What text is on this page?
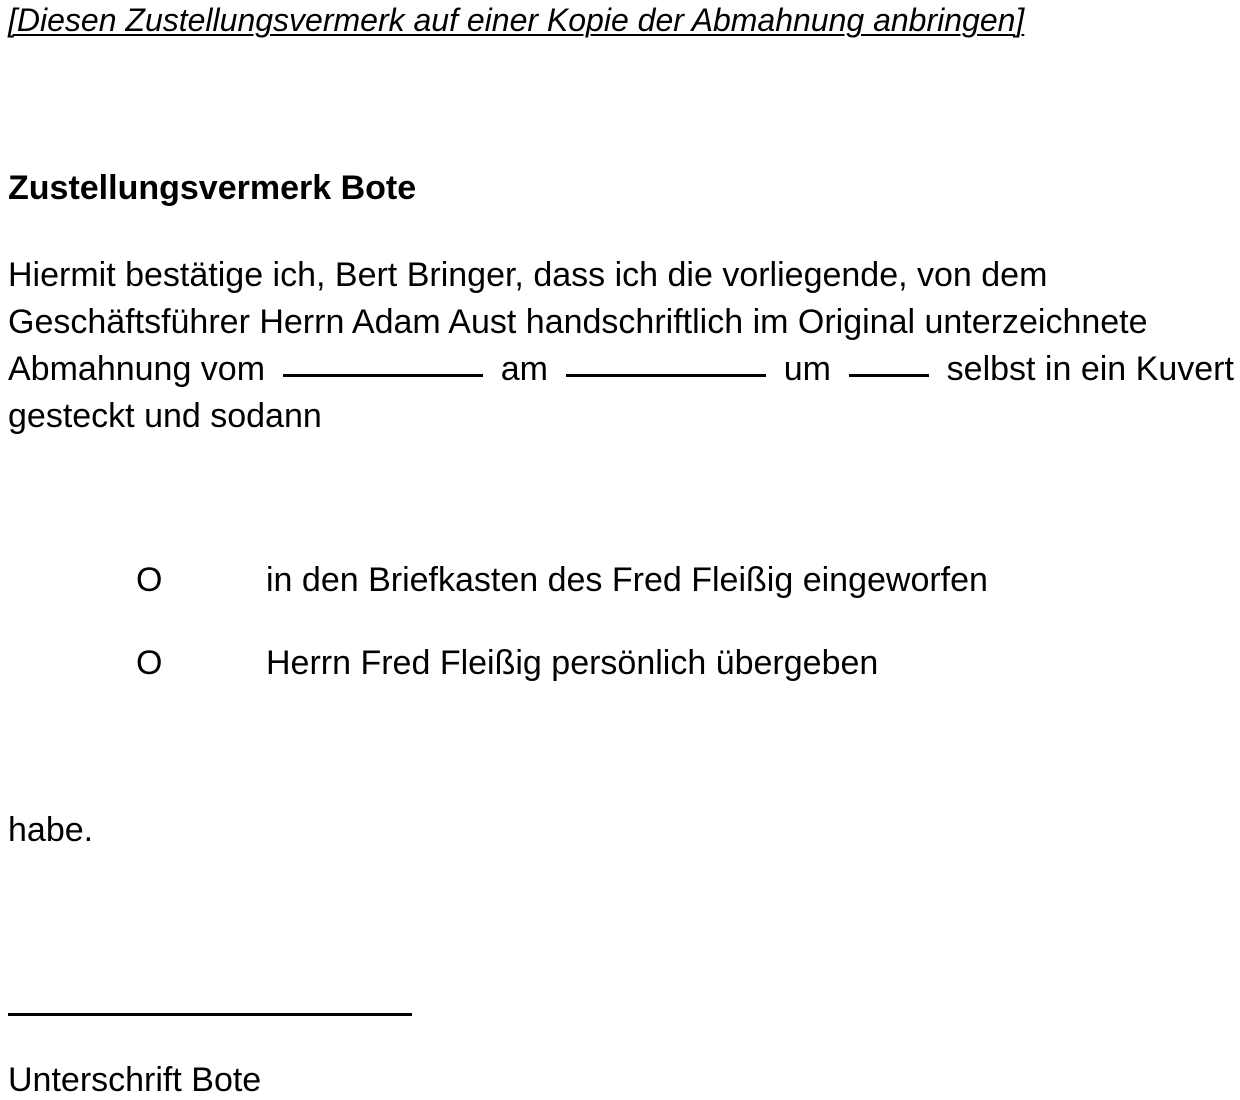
[Diesen Zustellungsvermerk auf einer Kopie der Abmahnung anbringen]
Zustellungsvermerk Bote
Hiermit bestätige ich, Bert Bringer, dass ich die vorliegende, von dem
Geschäftsführer Herrn Adam Aust handschriftlich im Original unterzeichnete
Abmahnung vom	am	um	selbst in ein Kuvert
gesteckt und sodann
O	in den Briefkasten des Fred Fleißig eingeworfen
O	Herrn Fred Fleißig persönlich übergeben
habe.
Unterschrift Bote
